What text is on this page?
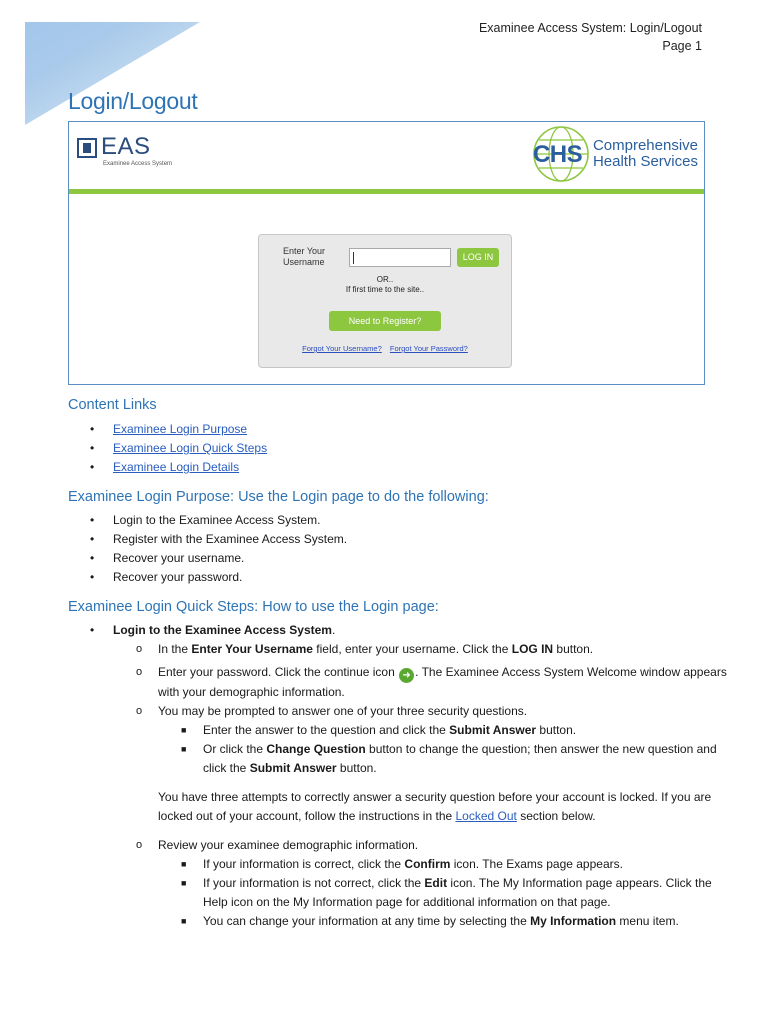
Examinee Access System: Login/Logout
Page 1
Login/Logout
EAS
Examinee Access System	CHS Comprehensive
Health Services
Enter Your Username	LOG IN
OR..
If first time to the site..
Need to Register?
Forgot Your Username? Forgot Your Password?
Content Links
• Examinee Login Purpose
• Examinee Login Quick Steps
• Examinee Login Details
Examinee Login Purpose: Use the Login page to do the following:
• Login to the Examinee Access System.
• Register with the Examinee Access System.
• Recover your username.
• Recover your password.
Examinee Login Quick Steps: How to use the Login page:
• Login to the Examinee Access System.
o In the Enter Your Username field, enter your username. Click the LOG IN button.
o Enter your password. Click the continue icon ➜ . The Examinee Access System Welcome window appears with your demographic information.
o You may be prompted to answer one of your three security questions.
■ Enter the answer to the question and click the Submit Answer button.
■ Or click the Change Question button to change the question; then answer the new question and click the Submit Answer button.
You have three attempts to correctly answer a security question before your account is locked. If you are locked out of your account, follow the instructions in the Locked Out section below.
o Review your examinee demographic information.
■ If your information is correct, click the Confirm icon. The Exams page appears.
■ If your information is not correct, click the Edit icon. The My Information page appears. Click the Help icon on the My Information page for additional information on that page.
■ You can change your information at any time by selecting the My Information menu item.
